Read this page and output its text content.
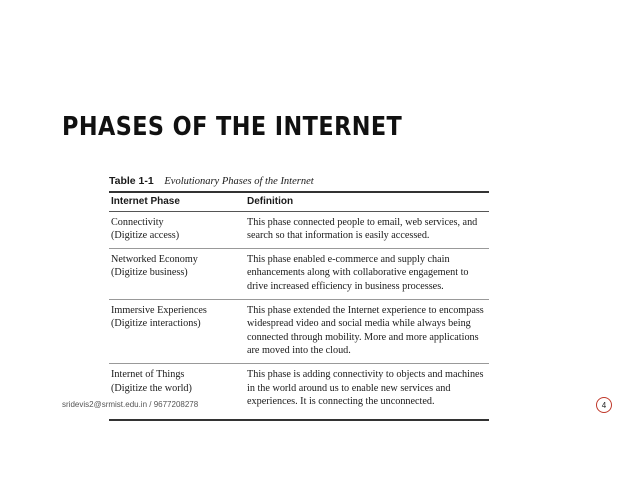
PHASES OF THE INTERNET
Table 1-1 Evolutionary Phases of the Internet
Internet Phase	Definition

Connectivity
(Digitize access)	This phase connected people to email, web services, and search so that information is easily accessed.

Networked Economy
(Digitize business)	This phase enabled e-commerce and supply chain enhancements along with collaborative engagement to drive increased efficiency in business processes.

Immersive Experiences
(Digitize interactions)	This phase extended the Internet experience to encompass widespread video and social media while always being connected through mobility. More and more applications are moved into the cloud.

Internet of Things
(Digitize the world)	This phase is adding connectivity to objects and machines in the world around us to enable new services and experiences. It is connecting the unconnected.
sridevis2@srmist.edu.in / 9677208278	4
